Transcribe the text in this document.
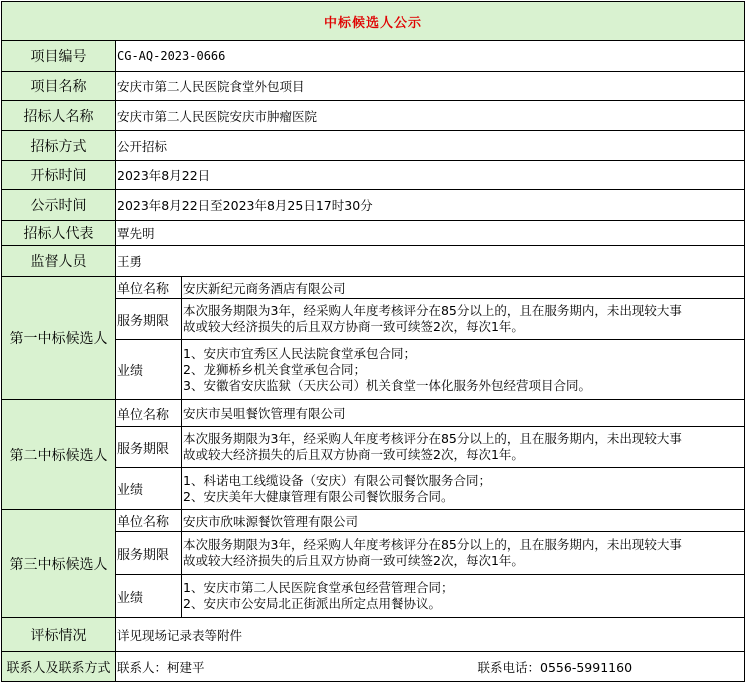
中标候选人公示		
项目编号	CG-AQ-2023-0666	
项目名称	安庆市第二人民医院食堂外包项目	
招标人名称	安庆市第二人民医院安庆市肿瘤医院	
招标方式	公开招标	
开标时间	2023年8月22日	
公示时间	2023年8月22日至2023年8月25日17时30分	
招标人代表	覃先明	
监督人员	王勇	
第一中标候选人	单位名称	安庆新纪元商务酒店有限公司
	服务期限	本次服务期限为3年，经采购人年度考核评分在85分以上的，且在服务期内，未出现较大事
故或较大经济损失的后且双方协商一致可续签2次，每次1年。

	业绩	1、安庆市宜秀区人民法院食堂承包合同；
2、龙狮桥乡机关食堂承包合同；
3、安徽省安庆监狱（天庆公司）机关食堂一体化服务外包经营项目合同。

第二中标候选人	单位名称	安庆市吴咀餐饮管理有限公司
	服务期限	本次服务期限为3年，经采购人年度考核评分在85分以上的，且在服务期内，未出现较大事
故或较大经济损失的后且双方协商一致可续签2次，每次1年。

	业绩	1、科诺电工线缆设备（安庆）有限公司餐饮服务合同；
2、安庆美年大健康管理有限公司餐饮服务合同。

第三中标候选人	单位名称	安庆市欣味源餐饮管理有限公司
	服务期限	本次服务期限为3年，经采购人年度考核评分在85分以上的，且在服务期内，未出现较大事
故或较大经济损失的后且双方协商一致可续签2次，每次1年。

	业绩	1、安庆市第二人民医院食堂承包经营管理合同；
2、安庆市公安局北正街派出所定点用餐协议。

评标情况	详见现场记录表等附件	
联系人及联系方式	联系人：柯建平 联系电话：0556-5991160	
